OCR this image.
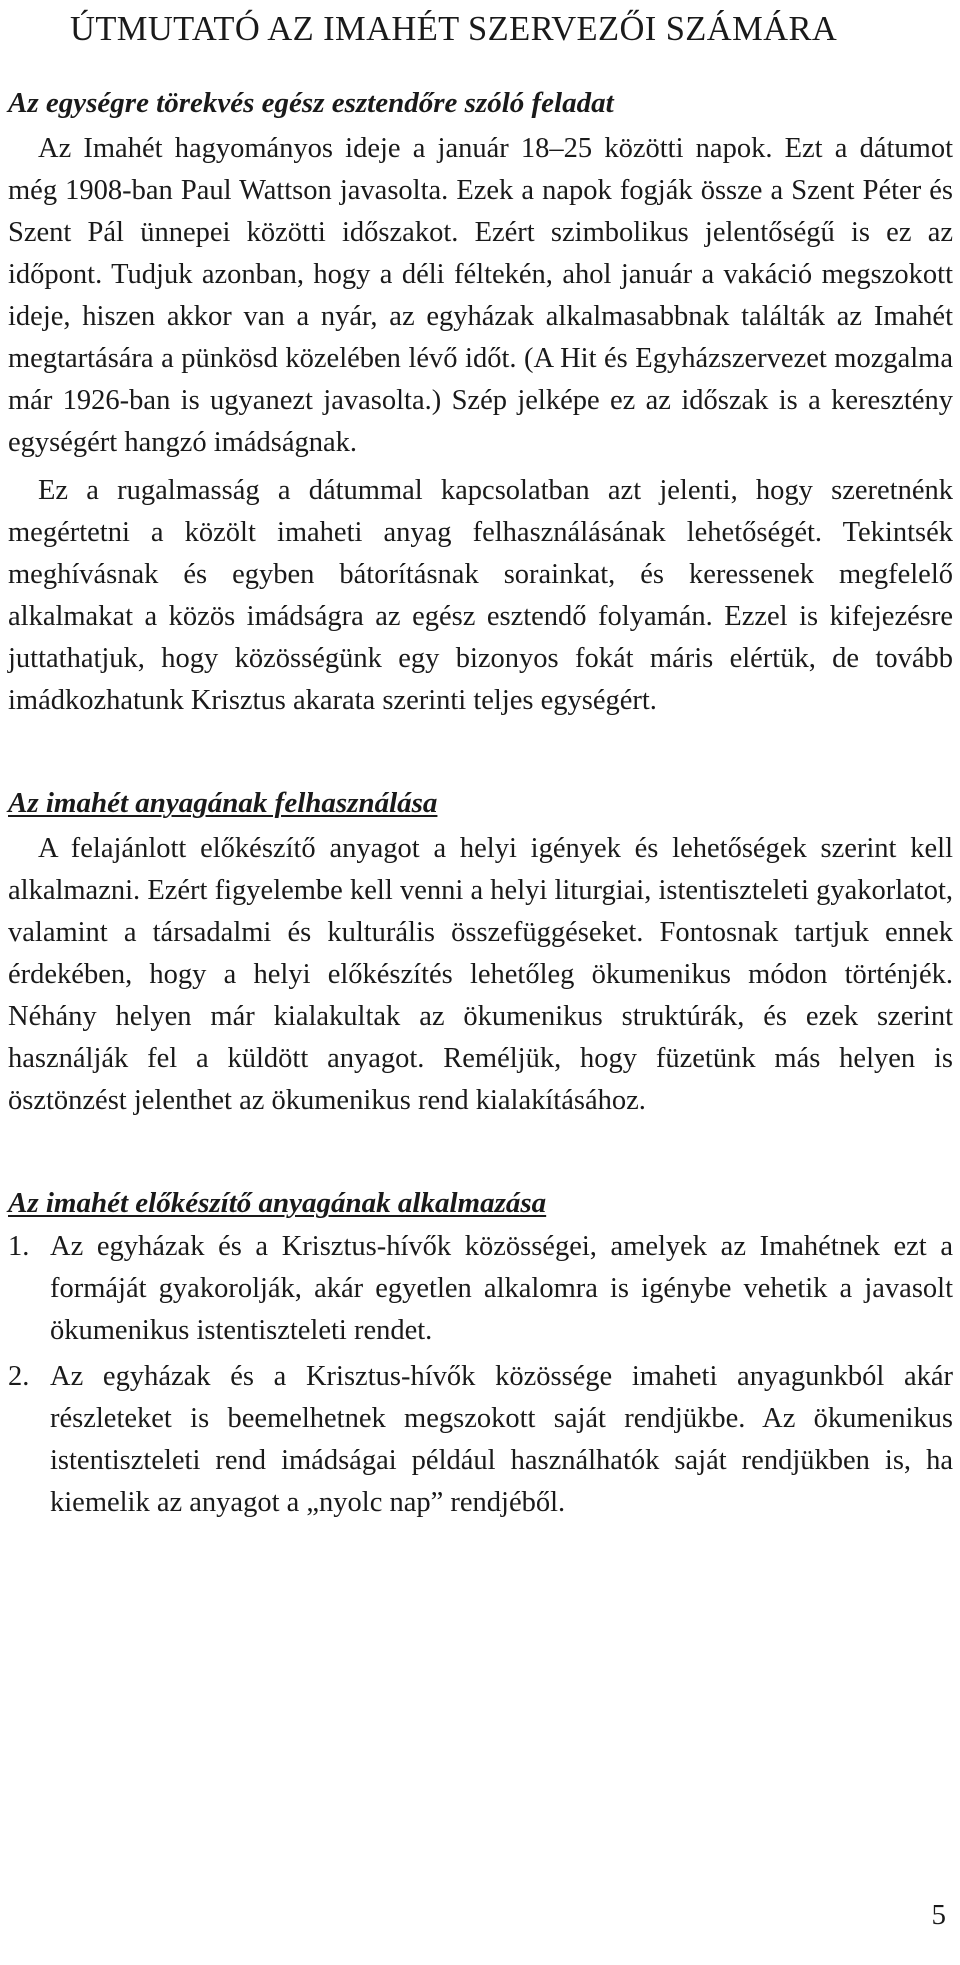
ÚTMUTATÓ AZ IMAHÉT SZERVEZŐI SZÁMÁRA
Az egységre törekvés egész esztendőre szóló feladat

Az Imahét hagyományos ideje a január 18–25 közötti napok. Ezt a dátumot még 1908-ban Paul Wattson javasolta. Ezek a napok fogják össze a Szent Péter és Szent Pál ünnepei közötti időszakot. Ezért szimbolikus jelentőségű is ez az időpont. Tudjuk azonban, hogy a déli féltekén, ahol január a vakáció megszokott ideje, hiszen akkor van a nyár, az egyházak alkalmasabbnak találták az Imahét megtartására a pünkösd közelében lévő időt. (A Hit és Egyházszervezet mozgalma már 1926-ban is ugyanezt javasolta.) Szép jelképe ez az időszak is a keresztény egységért hangzó imádságnak.

Ez a rugalmasság a dátummal kapcsolatban azt jelenti, hogy szeretnénk megértetni a közölt imaheti anyag felhasználásának lehetőségét. Tekintsék meghívásnak és egyben bátorításnak sorainkat, és keressenek megfelelő alkalmakat a közös imádságra az egész esztendő folyamán. Ezzel is kifejezésre juttathatjuk, hogy közösségünk egy bizonyos fokát máris elértük, de tovább imádkozhatunk Krisztus akarata szerinti teljes egységért.

Az imahét anyagának felhasználása

A felajánlott előkészítő anyagot a helyi igények és lehetőségek szerint kell alkalmazni. Ezért figyelembe kell venni a helyi liturgiai, istentiszteleti gyakorlatot, valamint a társadalmi és kulturális összefüggéseket. Fontosnak tartjuk ennek érdekében, hogy a helyi előkészítés lehetőleg ökumenikus módon történjék. Néhány helyen már kialakultak az ökumenikus struktúrák, és ezek szerint használják fel a küldött anyagot. Reméljük, hogy füzetünk más helyen is ösztönzést jelenthet az ökumenikus rend kialakításához.

Az imahét előkészítő anyagának alkalmazása
1. Az egyházak és a Krisztus-hívők közösségei, amelyek az Imahétnek ezt a formáját gyakorolják, akár egyetlen alkalomra is igénybe vehetik a javasolt ökumenikus istentiszteleti rendet.
2. Az egyházak és a Krisztus-hívők közössége imaheti anyagunkból akár részleteket is beemelhetnek megszokott saját rendjükbe. Az ökumenikus istentiszteleti rend imádságai például használhatók saját rendjükben is, ha kiemelik az anyagot a „nyolc nap” rendjéből.
5
